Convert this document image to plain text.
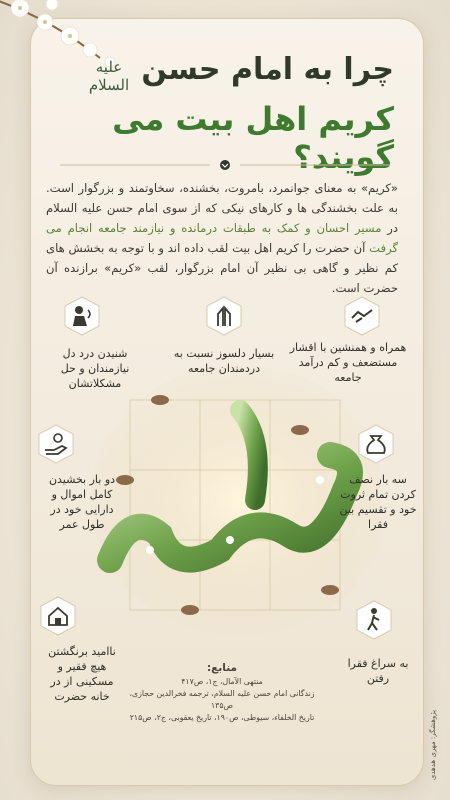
علیه
السلام چرا به امام حسن
کریم اهل بیت می گویند؟
«کریم» به معنای جوانمرد، بامروت، بخشنده، سخاوتمند و بزرگوار است. به علت بخشندگی ها و کارهای نیکی که از سوی امام حسن علیه السلام در مسیر احسان و کمک به طبقات درمانده و نیازمند جامعه انجام می گرفت آن حضرت را کریم اهل بیت لقب داده اند و با توجه به بخشش های کم نظیر و گاهی بی نظیر آن امام بزرگوار، لقب «کریم» برازنده آن حضرت است.
همراه و همنشین با اقشار مستضعف و کم درآمد جامعه
بسیار دلسوز نسبت به دردمندان جامعه
شنیدن درد دل نیازمندان و حل مشکلاتشان
سه بار نصف کردن تمام ثروت خود و تقسیم بین فقرا
دو بار بخشیدن کامل اموال و دارایی خود در طول عمر
به سراغ فقرا رفتن
ناامید برنگشتن هیچ فقیر و مسکینی از در خانه حضرت
منابع:
منتهی الآمال، ج۱، ص۴۱۷
زندگانی امام حسن علیه السلام، ترجمه فخرالدین حجازی، ص۱۳۵
تاریخ الخلفاء، سیوطی، ص۱۹۰، تاریخ یعقوبی، ج۲، ص۲۱۵	پژوهشگر: مهری هدهدی
